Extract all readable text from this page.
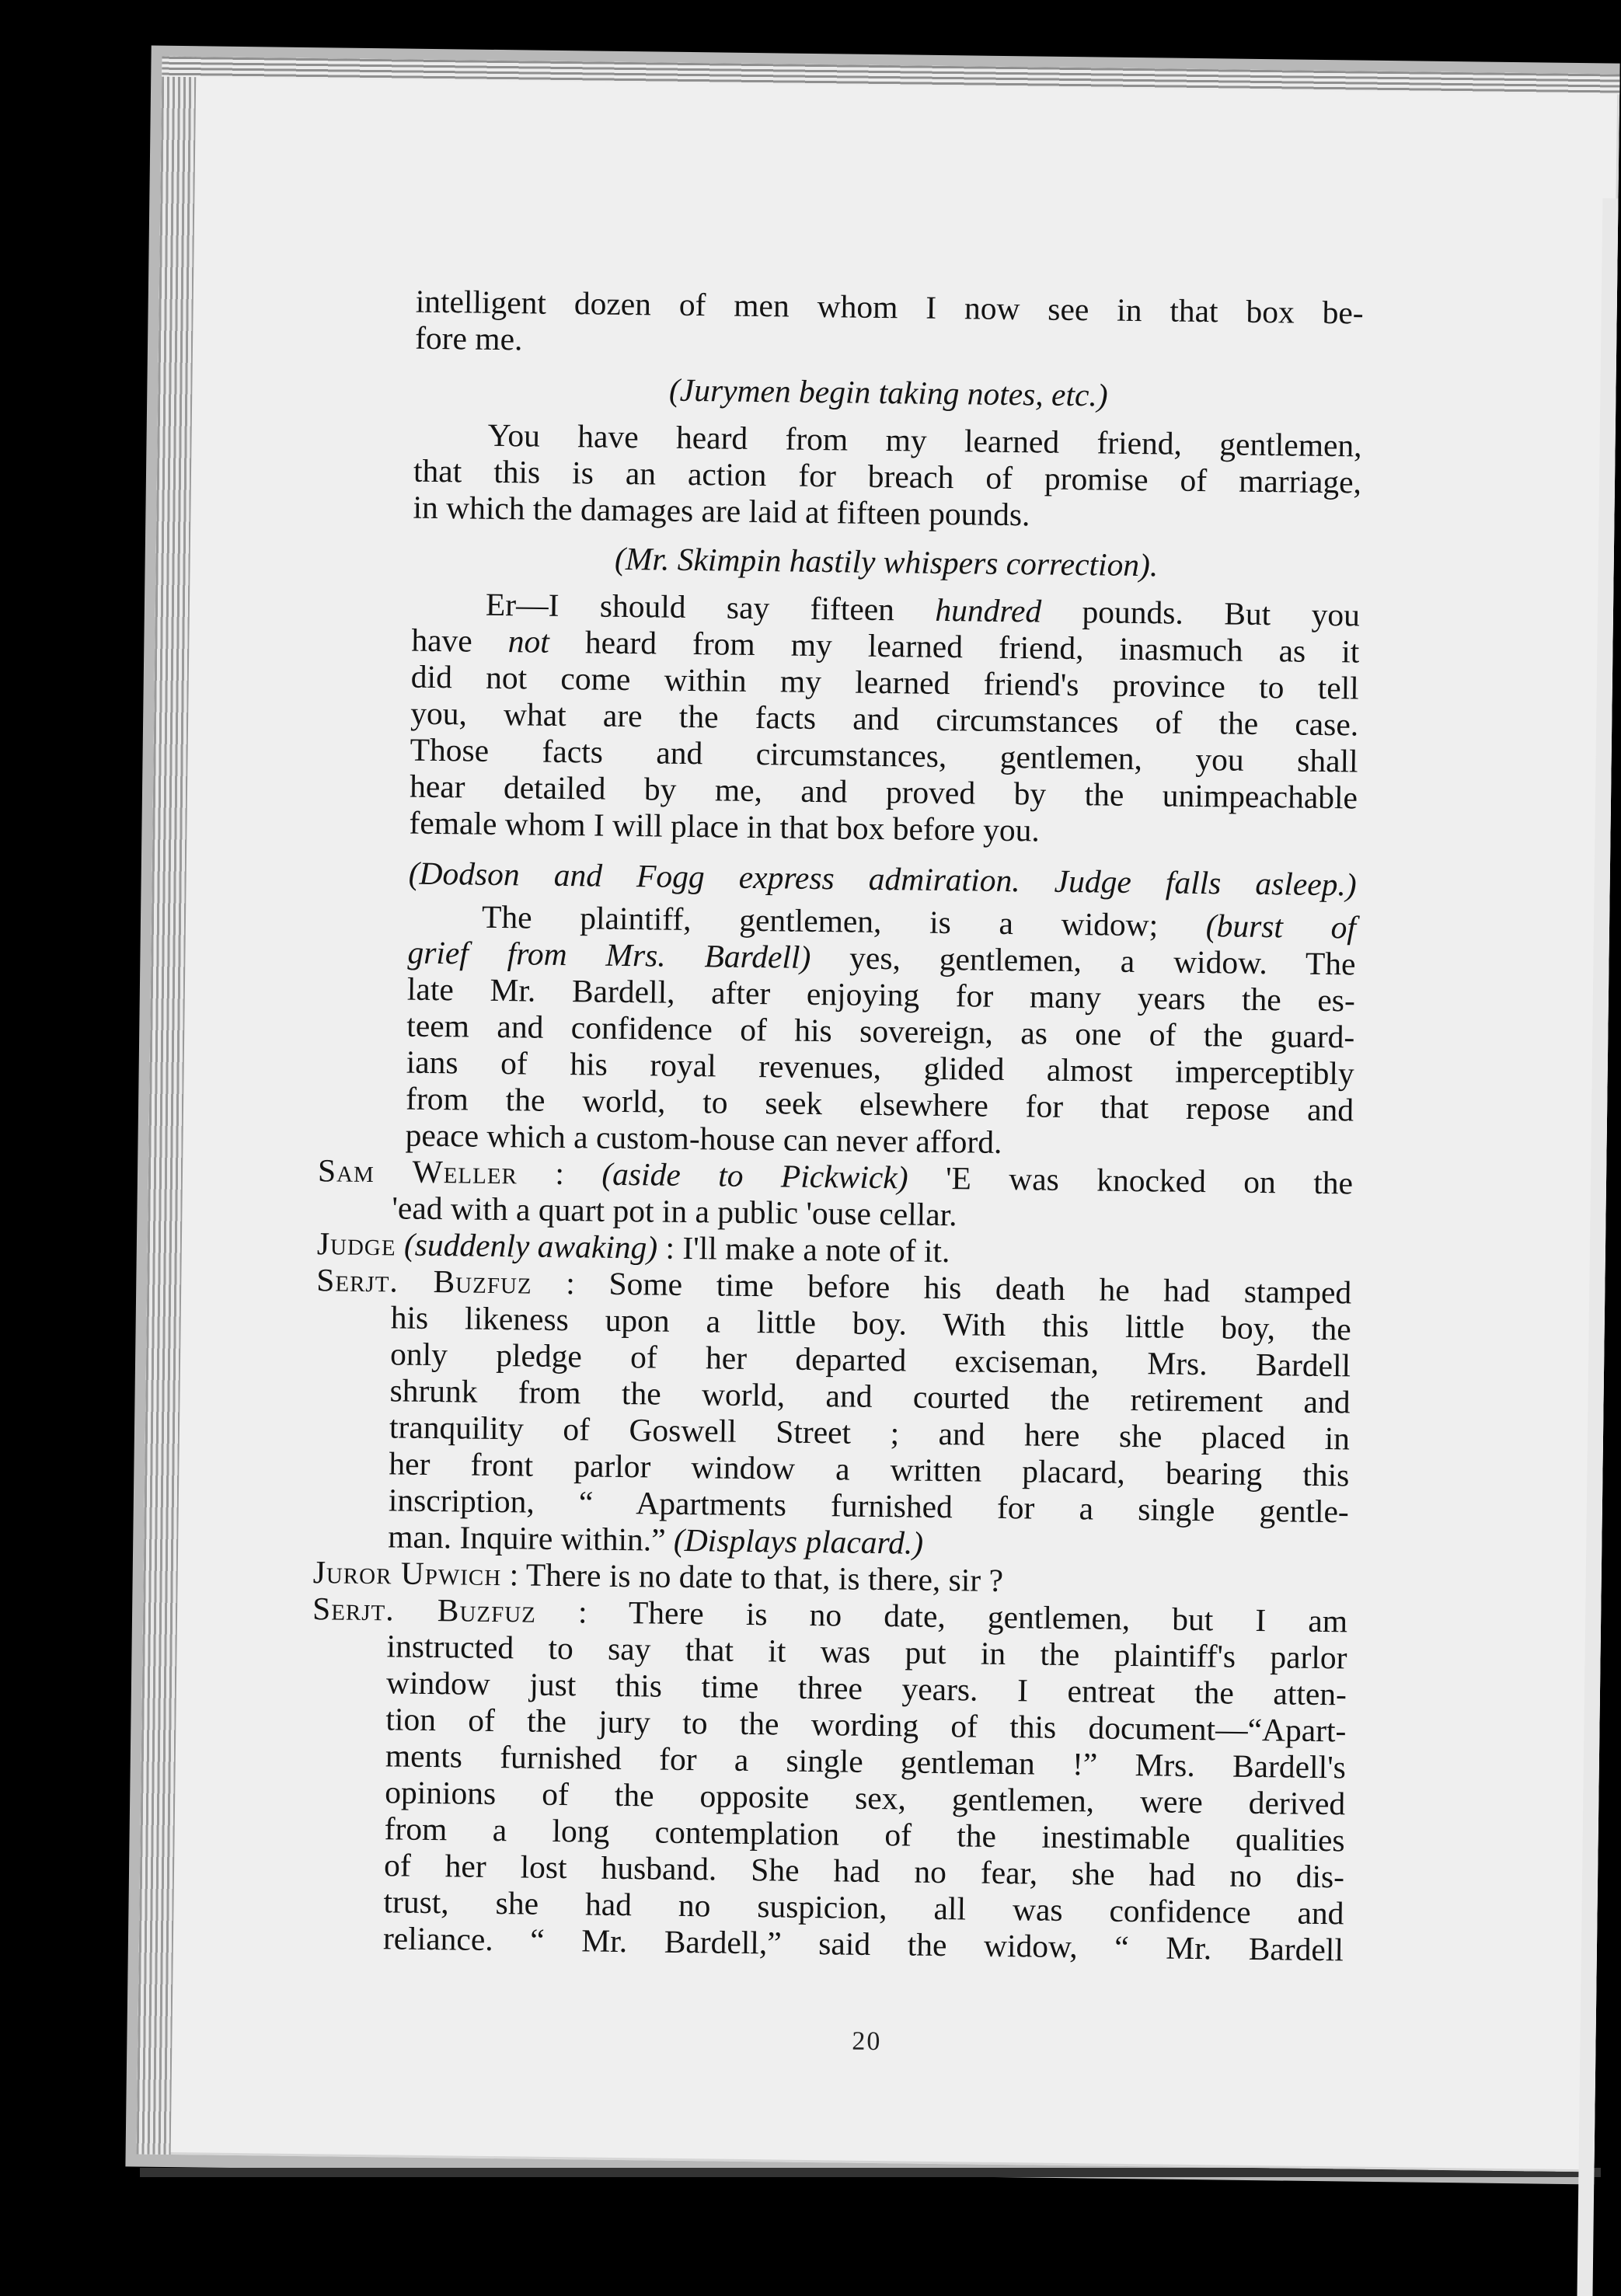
intelligent dozen of men whom I now see in that box be-
fore me.
(Jurymen begin taking notes, etc.)
You have heard from my learned friend, gentlemen,
that this is an action for breach of promise of marriage,
in which the damages are laid at fifteen pounds.
(Mr. Skimpin hastily whispers correction).
Er—I should say fifteen hundred pounds. But you
have not heard from my learned friend, inasmuch as it
did not come within my learned friend's province to tell
you, what are the facts and circumstances of the case.
Those facts and circumstances, gentlemen, you shall
hear detailed by me, and proved by the unimpeachable
female whom I will place in that box before you.
(Dodson and Fogg express admiration. Judge falls asleep.)
The plaintiff, gentlemen, is a widow; (burst of
grief from Mrs. Bardell) yes, gentlemen, a widow. The
late Mr. Bardell, after enjoying for many years the es-
teem and confidence of his sovereign, as one of the guard-
ians of his royal revenues, glided almost imperceptibly
from the world, to seek elsewhere for that repose and
peace which a custom-house can never afford.
Sam Weller : (aside to Pickwick) 'E was knocked on the
'ead with a quart pot in a public 'ouse cellar.
Judge (suddenly awaking) : I'll make a note of it.
Serjt. Buzfuz : Some time before his death he had stamped
his likeness upon a little boy. With this little boy, the
only pledge of her departed exciseman, Mrs. Bardell
shrunk from the world, and courted the retirement and
tranquility of Goswell Street ; and here she placed in
her front parlor window a written placard, bearing this
inscription, “ Apartments furnished for a single gentle-
man. Inquire within.” (Displays placard.)
Juror Upwich : There is no date to that, is there, sir ?
Serjt. Buzfuz : There is no date, gentlemen, but I am
instructed to say that it was put in the plaintiff's parlor
window just this time three years. I entreat the atten-
tion of the jury to the wording of this document—“Apart-
ments furnished for a single gentleman !” Mrs. Bardell's
opinions of the opposite sex, gentlemen, were derived
from a long contemplation of the inestimable qualities
of her lost husband. She had no fear, she had no dis-
trust, she had no suspicion, all was confidence and
reliance. “ Mr. Bardell,” said the widow, “ Mr. Bardell
20
